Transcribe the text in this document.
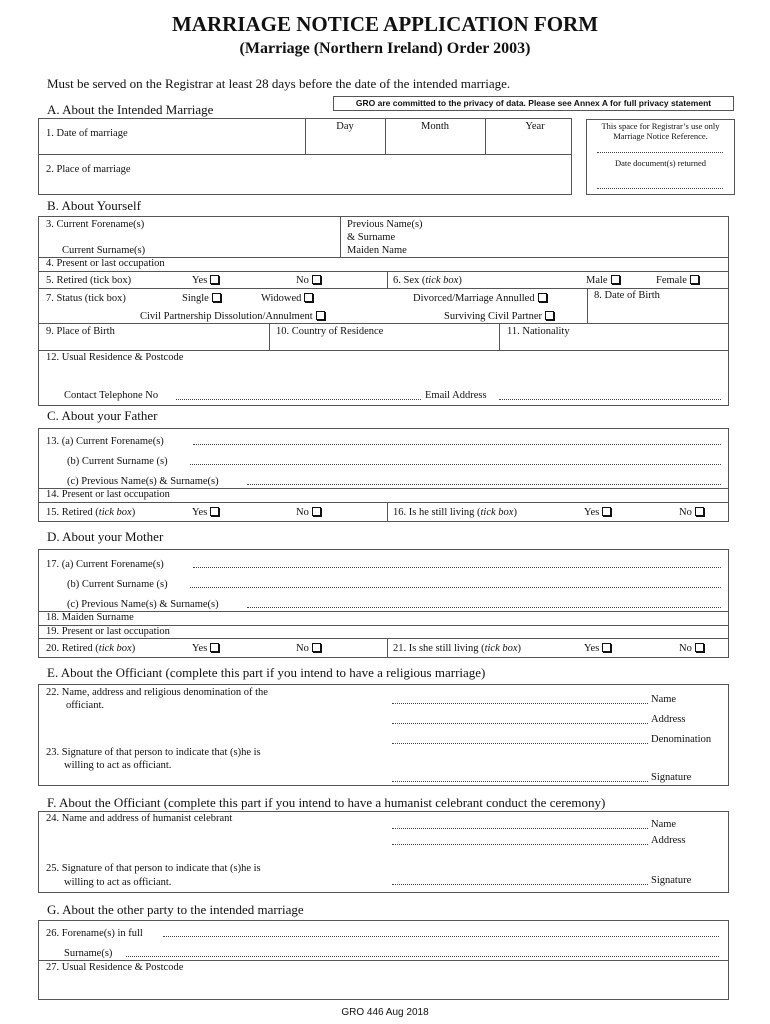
MARRIAGE NOTICE APPLICATION FORM
(Marriage (Northern Ireland) Order 2003)
Must be served on the Registrar at least 28 days before the date of the intended marriage.
GRO are committed to the privacy of data. Please see Annex A for full privacy statement
A. About the Intended Marriage
1. Date of marriage
Day	Month	Year
2. Place of marriage
This space for Registrar’s use only
Marriage Notice Reference.
Date document(s) returned
B. About Yourself
3. Current Forename(s)
Current Surname(s)
Previous Name(s)
& Surname
Maiden Name
4. Present or last occupation
5. Retired (tick box)	Yes	No	6. Sex (tick box)	Male	Female
7. Status (tick box)	Single	Widowed	Divorced/Marriage Annulled	8. Date of Birth
Civil Partnership Dissolution/Annulment	Surviving Civil Partner
9. Place of Birth	10. Country of Residence	11. Nationality
12. Usual Residence & Postcode
Contact Telephone No	Email Address
C. About your Father
13. (a) Current Forename(s)
(b) Current Surname (s)
(c) Previous Name(s) & Surname(s)
14. Present or last occupation
15. Retired (tick box)	Yes	No	16. Is he still living (tick box)	Yes	No
D. About your Mother
17. (a) Current Forename(s)
(b) Current Surname (s)
(c) Previous Name(s) & Surname(s)
18. Maiden Surname
19. Present or last occupation
20. Retired (tick box)	Yes	No	21. Is she still living (tick box)	Yes	No
E. About the Officiant (complete this part if you intend to have a religious marriage)
22. Name, address and religious denomination of the
officiant.
Name
Address
Denomination
23. Signature of that person to indicate that (s)he is
willing to act as officiant.
Signature
F. About the Officiant (complete this part if you intend to have a humanist celebrant conduct the ceremony)
24. Name and address of humanist celebrant
Name
Address
25. Signature of that person to indicate that (s)he is
willing to act as officiant.	Signature
G. About the other party to the intended marriage
26. Forename(s) in full
Surname(s)
27. Usual Residence & Postcode
GRO 446 Aug 2018
